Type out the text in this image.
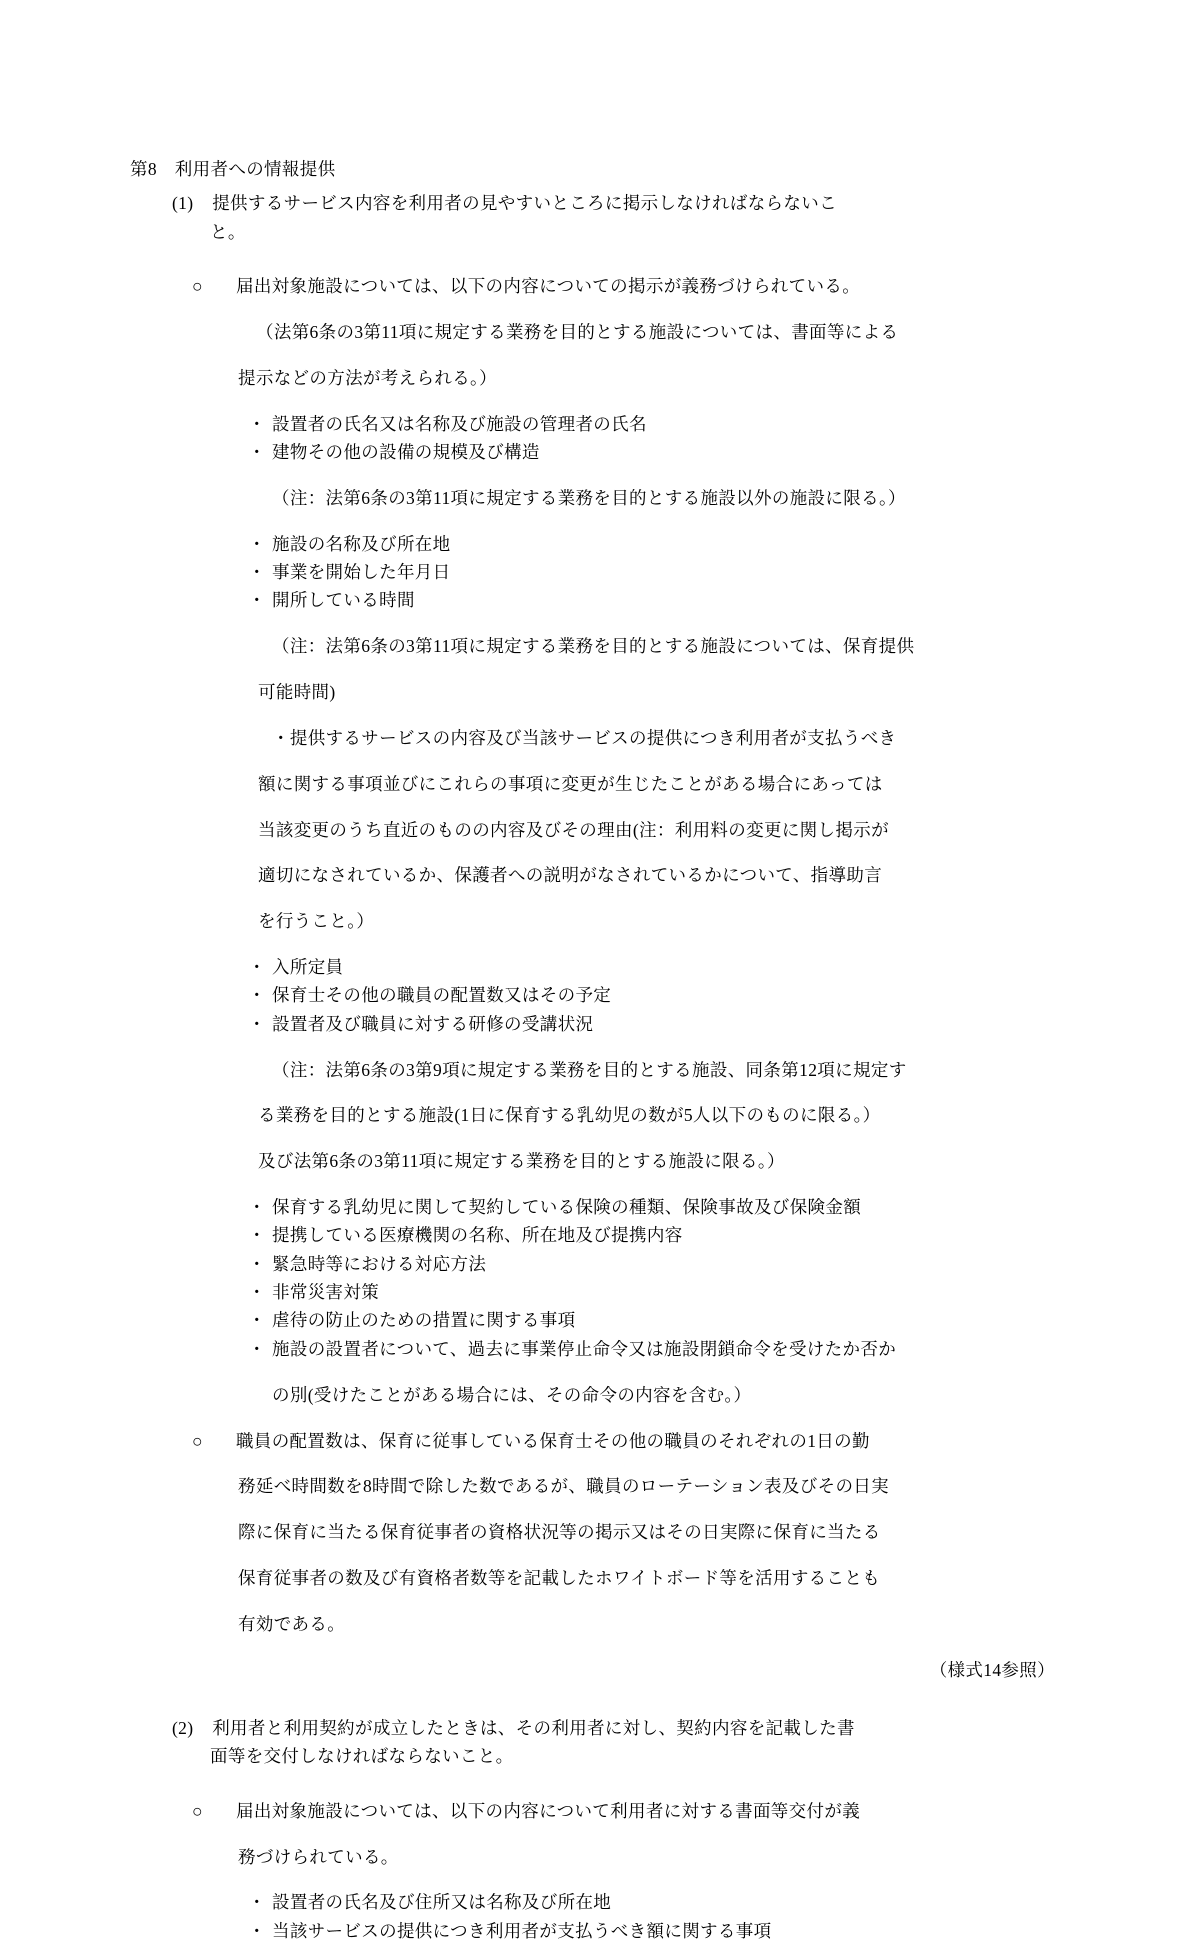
第8　利用者への情報提供

(1) 提供するサービス内容を利用者の見やすいところに掲示しなければならないこ

と。

○ 届出対象施設については、以下の内容についての掲示が義務づけられている。

（法第6条の3第11項に規定する業務を目的とする施設については、書面等による

提示などの方法が考えられる。）

・ 設置者の氏名又は名称及び施設の管理者の氏名
・ 建物その他の設備の規模及び構造

（注：法第6条の3第11項に規定する業務を目的とする施設以外の施設に限る。）

・ 施設の名称及び所在地
・ 事業を開始した年月日
・ 開所している時間

（注：法第6条の3第11項に規定する業務を目的とする施設については、保育提供

可能時間)

・提供するサービスの内容及び当該サービスの提供につき利用者が支払うべき

額に関する事項並びにこれらの事項に変更が生じたことがある場合にあっては

当該変更のうち直近のものの内容及びその理由(注：利用料の変更に関し掲示が

適切になされているか、保護者への説明がなされているかについて、指導助言

を行うこと。）

・ 入所定員
・ 保育士その他の職員の配置数又はその予定
・ 設置者及び職員に対する研修の受講状況

（注：法第6条の3第9項に規定する業務を目的とする施設、同条第12項に規定す

る業務を目的とする施設(1日に保育する乳幼児の数が5人以下のものに限る。）

及び法第6条の3第11項に規定する業務を目的とする施設に限る。）

・ 保育する乳幼児に関して契約している保険の種類、保険事故及び保険金額
・ 提携している医療機関の名称、所在地及び提携内容
・ 緊急時等における対応方法
・ 非常災害対策
・ 虐待の防止のための措置に関する事項
・ 施設の設置者について、過去に事業停止命令又は施設閉鎖命令を受けたか否か

の別(受けたことがある場合には、その命令の内容を含む。）

○ 職員の配置数は、保育に従事している保育士その他の職員のそれぞれの1日の勤

務延べ時間数を8時間で除した数であるが、職員のローテーション表及びその日実

際に保育に当たる保育従事者の資格状況等の掲示又はその日実際に保育に当たる

保育従事者の数及び有資格者数等を記載したホワイトボード等を活用することも

有効である。

（様式14参照）

(2) 利用者と利用契約が成立したときは、その利用者に対し、契約内容を記載した書

面等を交付しなければならないこと。

○ 届出対象施設については、以下の内容について利用者に対する書面等交付が義

務づけられている。

・ 設置者の氏名及び住所又は名称及び所在地
・ 当該サービスの提供につき利用者が支払うべき額に関する事項
